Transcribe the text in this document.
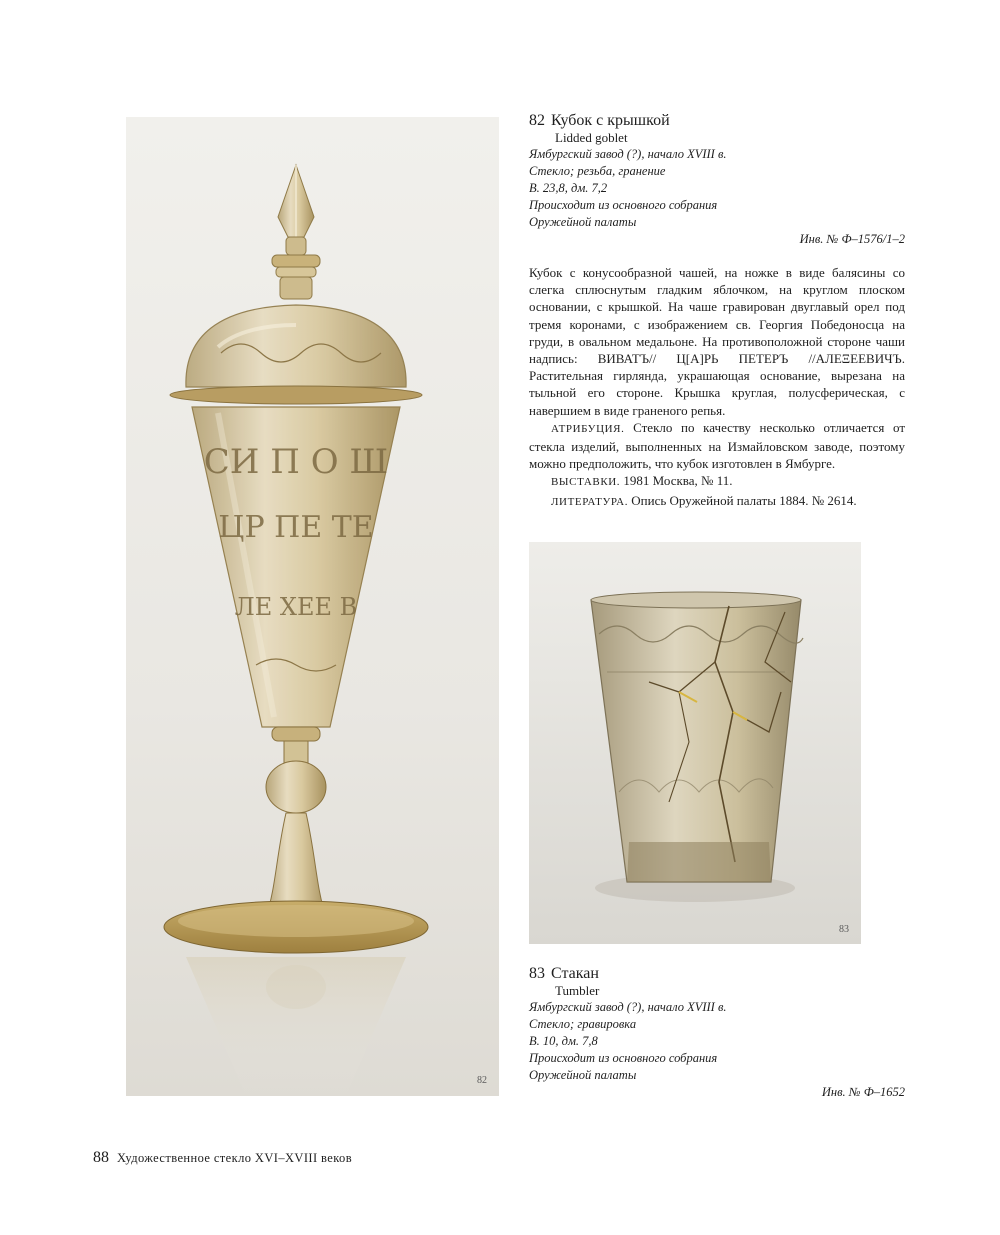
СИ П О Ш
ЦР ПЕ ТЕ
ЛЕ ХЕЕ В
82
83
82 Кубок с крышкой
Lidded goblet
Ямбургский завод (?), начало XVIII в.
Стекло; резьба, гранение
В. 23,8, дм. 7,2
Происходит из основного собрания
Оружейной палаты
Инв. № Ф–1576/1–2

Кубок с конусообразной чашей, на ножке в виде балясины со слегка сплюснутым гладким яблочком, на круглом плоском основании, с крышкой. На чаше гравирован двуглавый орел под тремя коронами, с изображением св. Георгия Победоносца на груди, в овальном медальоне. На противоположной стороне чаши надпись: ВИВАТЪ// Ц[А]РЬ ПЕТЕРЪ //АЛЕΞЕЕВИЧЪ. Растительная гирлянда, украшающая основание, вырезана на тыльной его стороне. Крышка круглая, полусферическая, с навершием в виде граненого репья.

АТРИБУЦИЯ. Стекло по качеству несколько отличается от стекла изделий, выполненных на Измайловском заводе, поэтому можно предположить, что кубок изготовлен в Ямбурге.

ВЫСТАВКИ. 1981 Москва, № 11.

ЛИТЕРАТУРА. Опись Оружейной палаты 1884. № 2614.

83 Стакан
Tumbler
Ямбургский завод (?), начало XVIII в.
Стекло; гравировка
В. 10, дм. 7,8
Происходит из основного собрания
Оружейной палаты
Инв. № Ф–1652
88 Художественное стекло XVI–XVIII веков
